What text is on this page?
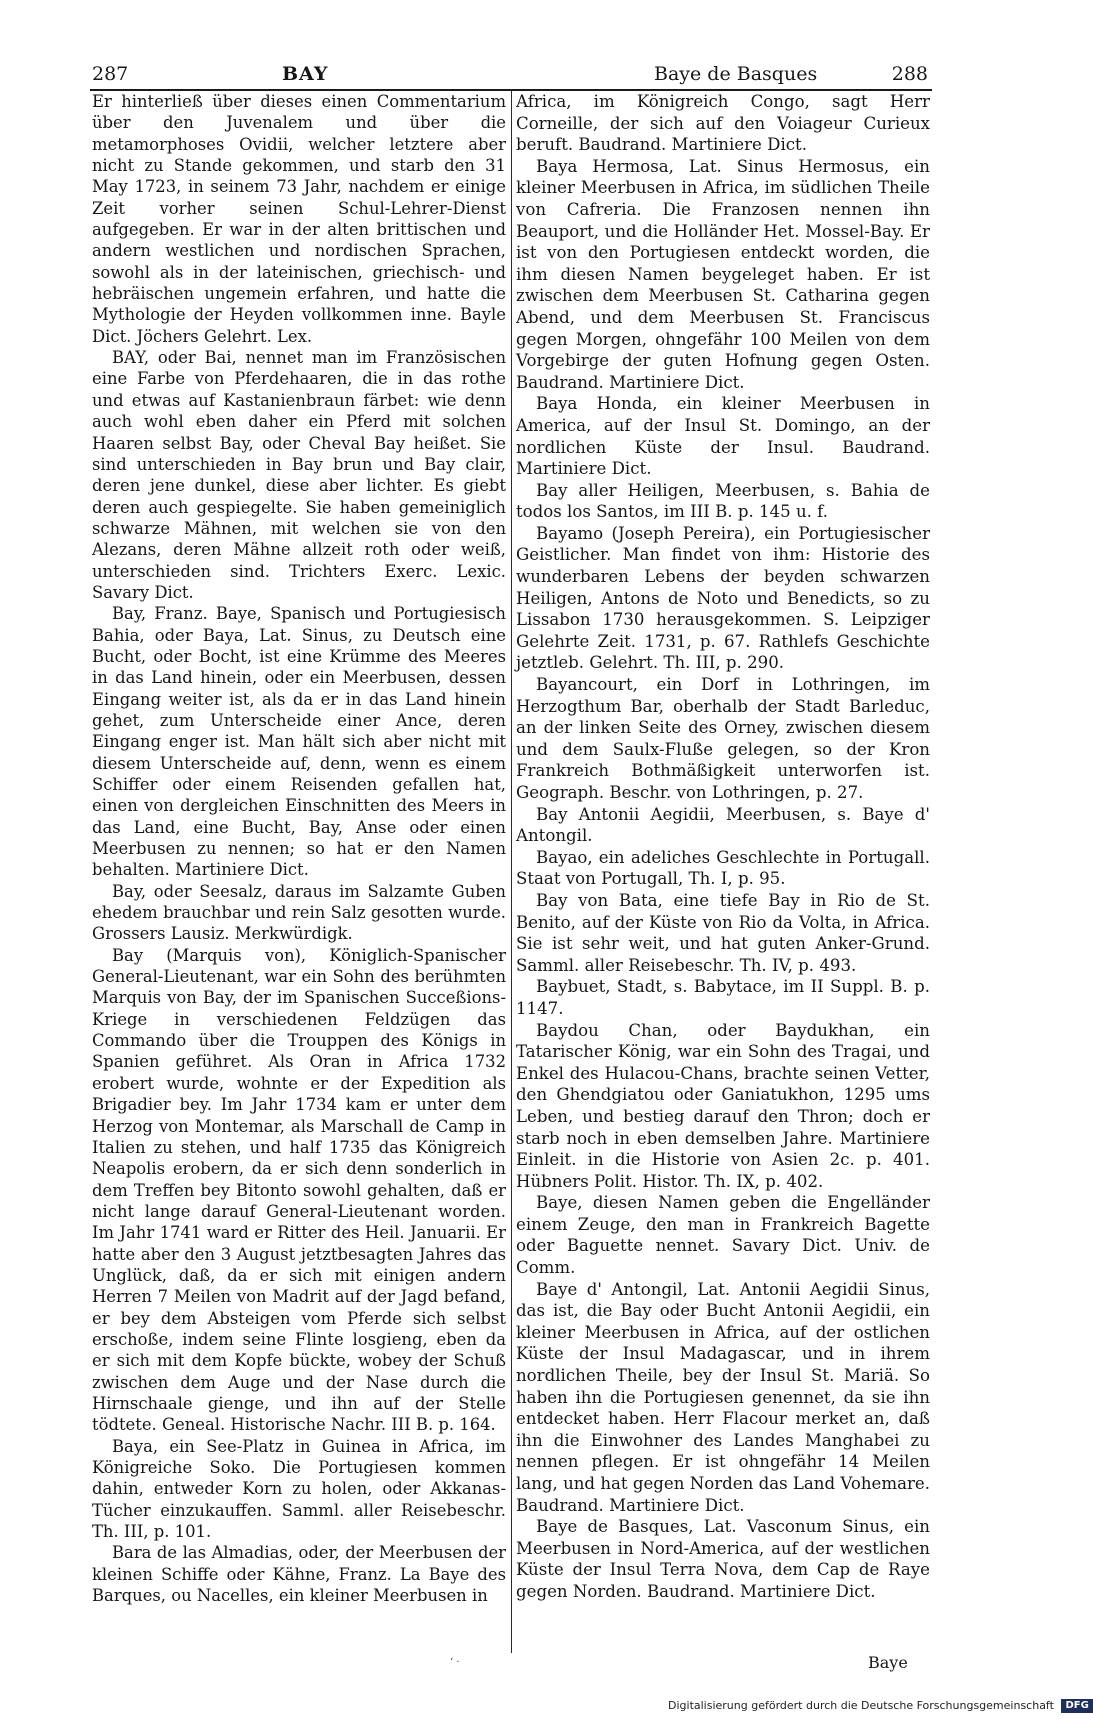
287	BAY	Baye de Basques	288

Er hinterließ über dieses einen Commentarium über den Juvenalem und über die metamorphoses Ovidii, welcher letztere aber nicht zu Stande gekommen, und starb den 31 May 1723, in seinem 73 Jahr, nachdem er einige Zeit vorher seinen Schul-Lehrer-Dienst aufgegeben. Er war in der alten brittischen und andern westlichen und nordischen Sprachen, sowohl als in der lateinischen, griechisch- und hebräischen ungemein erfahren, und hatte die Mythologie der Heyden vollkommen inne. Bayle Dict. Jöchers Gelehrt. Lex.

BAY, oder Bai, nennet man im Französischen eine Farbe von Pferdehaaren, die in das rothe und etwas auf Kastanienbraun färbet: wie denn auch wohl eben daher ein Pferd mit solchen Haaren selbst Bay, oder Cheval Bay heißet. Sie sind unterschieden in Bay brun und Bay clair, deren jene dunkel, diese aber lichter. Es giebt deren auch gespiegelte. Sie haben gemeiniglich schwarze Mähnen, mit welchen sie von den Alezans, deren Mähne allzeit roth oder weiß, unterschieden sind. Trichters Exerc. Lexic. Savary Dict.

Bay, Franz. Baye, Spanisch und Portugiesisch Bahia, oder Baya, Lat. Sinus, zu Deutsch eine Bucht, oder Bocht, ist eine Krümme des Meeres in das Land hinein, oder ein Meerbusen, dessen Eingang weiter ist, als da er in das Land hinein gehet, zum Unterscheide einer Ance, deren Eingang enger ist. Man hält sich aber nicht mit diesem Unterscheide auf, denn, wenn es einem Schiffer oder einem Reisenden gefallen hat, einen von dergleichen Einschnitten des Meers in das Land, eine Bucht, Bay, Anse oder einen Meerbusen zu nennen; so hat er den Namen behalten. Martiniere Dict.

Bay, oder Seesalz, daraus im Salzamte Guben ehedem brauchbar und rein Salz gesotten wurde. Grossers Lausiz. Merkwürdigk.

Bay (Marquis von), Königlich-Spanischer General-Lieutenant, war ein Sohn des berühmten Marquis von Bay, der im Spanischen Succeßions-Kriege in verschiedenen Feldzügen das Commando über die Trouppen des Königs in Spanien geführet. Als Oran in Africa 1732 erobert wurde, wohnte er der Expedition als Brigadier bey. Im Jahr 1734 kam er unter dem Herzog von Montemar, als Marschall de Camp in Italien zu stehen, und half 1735 das Königreich Neapolis erobern, da er sich denn sonderlich in dem Treffen bey Bitonto sowohl gehalten, daß er nicht lange darauf General-Lieutenant worden. Im Jahr 1741 ward er Ritter des Heil. Januarii. Er hatte aber den 3 August jetztbesagten Jahres das Unglück, daß, da er sich mit einigen andern Herren 7 Meilen von Madrit auf der Jagd befand, er bey dem Absteigen vom Pferde sich selbst erschoße, indem seine Flinte losgieng, eben da er sich mit dem Kopfe bückte, wobey der Schuß zwischen dem Auge und der Nase durch die Hirnschaale gienge, und ihn auf der Stelle tödtete. Geneal. Historische Nachr. III B. p. 164.

Baya, ein See-Platz in Guinea in Africa, im Königreiche Soko. Die Portugiesen kommen dahin, entweder Korn zu holen, oder Akkanas-Tücher einzukauffen. Samml. aller Reisebeschr. Th. III, p. 101.

Bara de las Almadias, oder, der Meerbusen der kleinen Schiffe oder Kähne, Franz. La Baye des Barques, ou Nacelles, ein kleiner Meerbusen in

Africa, im Königreich Congo, sagt Herr Corneille, der sich auf den Voiageur Curieux beruft. Baudrand. Martiniere Dict.

Baya Hermosa, Lat. Sinus Hermosus, ein kleiner Meerbusen in Africa, im südlichen Theile von Cafreria. Die Franzosen nennen ihn Beauport, und die Holländer Het. Mossel-Bay. Er ist von den Portugiesen entdeckt worden, die ihm diesen Namen beygeleget haben. Er ist zwischen dem Meerbusen St. Catharina gegen Abend, und dem Meerbusen St. Franciscus gegen Morgen, ohngefähr 100 Meilen von dem Vorgebirge der guten Hofnung gegen Osten. Baudrand. Martiniere Dict.

Baya Honda, ein kleiner Meerbusen in America, auf der Insul St. Domingo, an der nordlichen Küste der Insul. Baudrand. Martiniere Dict.

Bay aller Heiligen, Meerbusen, s. Bahia de todos los Santos, im III B. p. 145 u. f.

Bayamo (Joseph Pereira), ein Portugiesischer Geistlicher. Man findet von ihm: Historie des wunderbaren Lebens der beyden schwarzen Heiligen, Antons de Noto und Benedicts, so zu Lissabon 1730 herausgekommen. S. Leipziger Gelehrte Zeit. 1731, p. 67. Rathlefs Geschichte jetztleb. Gelehrt. Th. III, p. 290.

Bayancourt, ein Dorf in Lothringen, im Herzogthum Bar, oberhalb der Stadt Barleduc, an der linken Seite des Orney, zwischen diesem und dem Saulx-Fluße gelegen, so der Kron Frankreich Bothmäßigkeit unterworfen ist. Geograph. Beschr. von Lothringen, p. 27.

Bay Antonii Aegidii, Meerbusen, s. Baye d' Antongil.

Bayao, ein adeliches Geschlechte in Portugall. Staat von Portugall, Th. I, p. 95.

Bay von Bata, eine tiefe Bay in Rio de St. Benito, auf der Küste von Rio da Volta, in Africa. Sie ist sehr weit, und hat guten Anker-Grund. Samml. aller Reisebeschr. Th. IV, p. 493.

Baybuet, Stadt, s. Babytace, im II Suppl. B. p. 1147.

Baydou Chan, oder Baydukhan, ein Tatarischer König, war ein Sohn des Tragai, und Enkel des Hulacou-Chans, brachte seinen Vetter, den Ghendgiatou oder Ganiatukhon, 1295 ums Leben, und bestieg darauf den Thron; doch er starb noch in eben demselben Jahre. Martiniere Einleit. in die Historie von Asien 2c. p. 401. Hübners Polit. Histor. Th. IX, p. 402.

Baye, diesen Namen geben die Engelländer einem Zeuge, den man in Frankreich Bagette oder Baguette nennet. Savary Dict. Univ. de Comm.

Baye d' Antongil, Lat. Antonii Aegidii Sinus, das ist, die Bay oder Bucht Antonii Aegidii, ein kleiner Meerbusen in Africa, auf der ostlichen Küste der Insul Madagascar, und in ihrem nordlichen Theile, bey der Insul St. Mariä. So haben ihn die Portugiesen genennet, da sie ihn entdecket haben. Herr Flacour merket an, daß ihn die Einwohner des Landes Manghabei zu nennen pflegen. Er ist ohngefähr 14 Meilen lang, und hat gegen Norden das Land Vohemare. Baudrand. Martiniere Dict.

Baye de Basques, Lat. Vasconum Sinus, ein Meerbusen in Nord-America, auf der westlichen Küste der Insul Terra Nova, dem Cap de Raye gegen Norden. Baudrand. Martiniere Dict.

‘ ·	Baye
Digitalisierung gefördert durch die Deutsche Forschungsgemeinschaft DFG
